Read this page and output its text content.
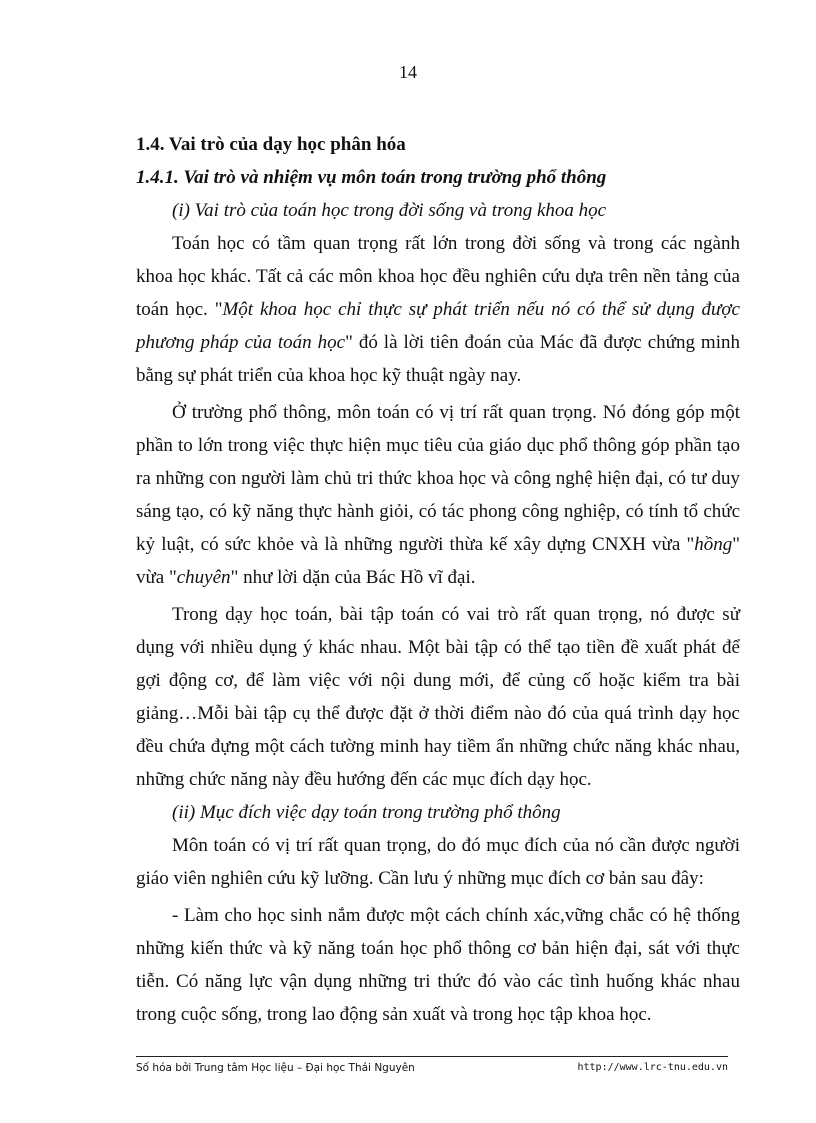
14

1.4. Vai trò của dạy học phân hóa

1.4.1. Vai trò và nhiệm vụ môn toán trong trường phổ thông

(i) Vai trò của toán học trong đời sống và trong khoa học

Toán học có tầm quan trọng rất lớn trong đời sống và trong các ngành khoa học khác. Tất cả các môn khoa học đều nghiên cứu dựa trên nền tảng của toán học. "Một khoa học chỉ thực sự phát triển nếu nó có thể sử dụng được phương pháp của toán học" đó là lời tiên đoán của Mác đã được chứng minh bằng sự phát triển của khoa học kỹ thuật ngày nay.

Ở trường phổ thông, môn toán có vị trí rất quan trọng. Nó đóng góp một phần to lớn trong việc thực hiện mục tiêu của giáo dục phổ thông góp phần tạo ra những con người làm chủ tri thức khoa học và công nghệ hiện đại, có tư duy sáng tạo, có kỹ năng thực hành giỏi, có tác phong công nghiệp, có tính tổ chức kỷ luật, có sức khỏe và là những người thừa kế xây dựng CNXH vừa "hồng" vừa "chuyên" như lời dặn của Bác Hồ vĩ đại.

Trong dạy học toán, bài tập toán có vai trò rất quan trọng, nó được sử dụng với nhiều dụng ý khác nhau. Một bài tập có thể tạo tiền đề xuất phát để gợi động cơ, để làm việc với nội dung mới, để củng cố hoặc kiểm tra bài giảng…Mỗi bài tập cụ thể được đặt ở thời điểm nào đó của quá trình dạy học đều chứa đựng một cách tường minh hay tiềm ẩn những chức năng khác nhau, những chức năng này đều hướng đến các mục đích dạy học.

(ii) Mục đích việc dạy toán trong trường phổ thông

Môn toán có vị trí rất quan trọng, do đó mục đích của nó cần được người giáo viên nghiên cứu kỹ lưỡng. Cần lưu ý những mục đích cơ bản sau đây:

- Làm cho học sinh nắm được một cách chính xác,vững chắc có hệ thống những kiến thức và kỹ năng toán học phổ thông cơ bản hiện đại, sát với thực tiễn. Có năng lực vận dụng những tri thức đó vào các tình huống khác nhau trong cuộc sống, trong lao động sản xuất và trong học tập khoa học.

Số hóa bởi Trung tâm Học liệu – Đại học Thái Nguyên	http://www.lrc-tnu.edu.vn
